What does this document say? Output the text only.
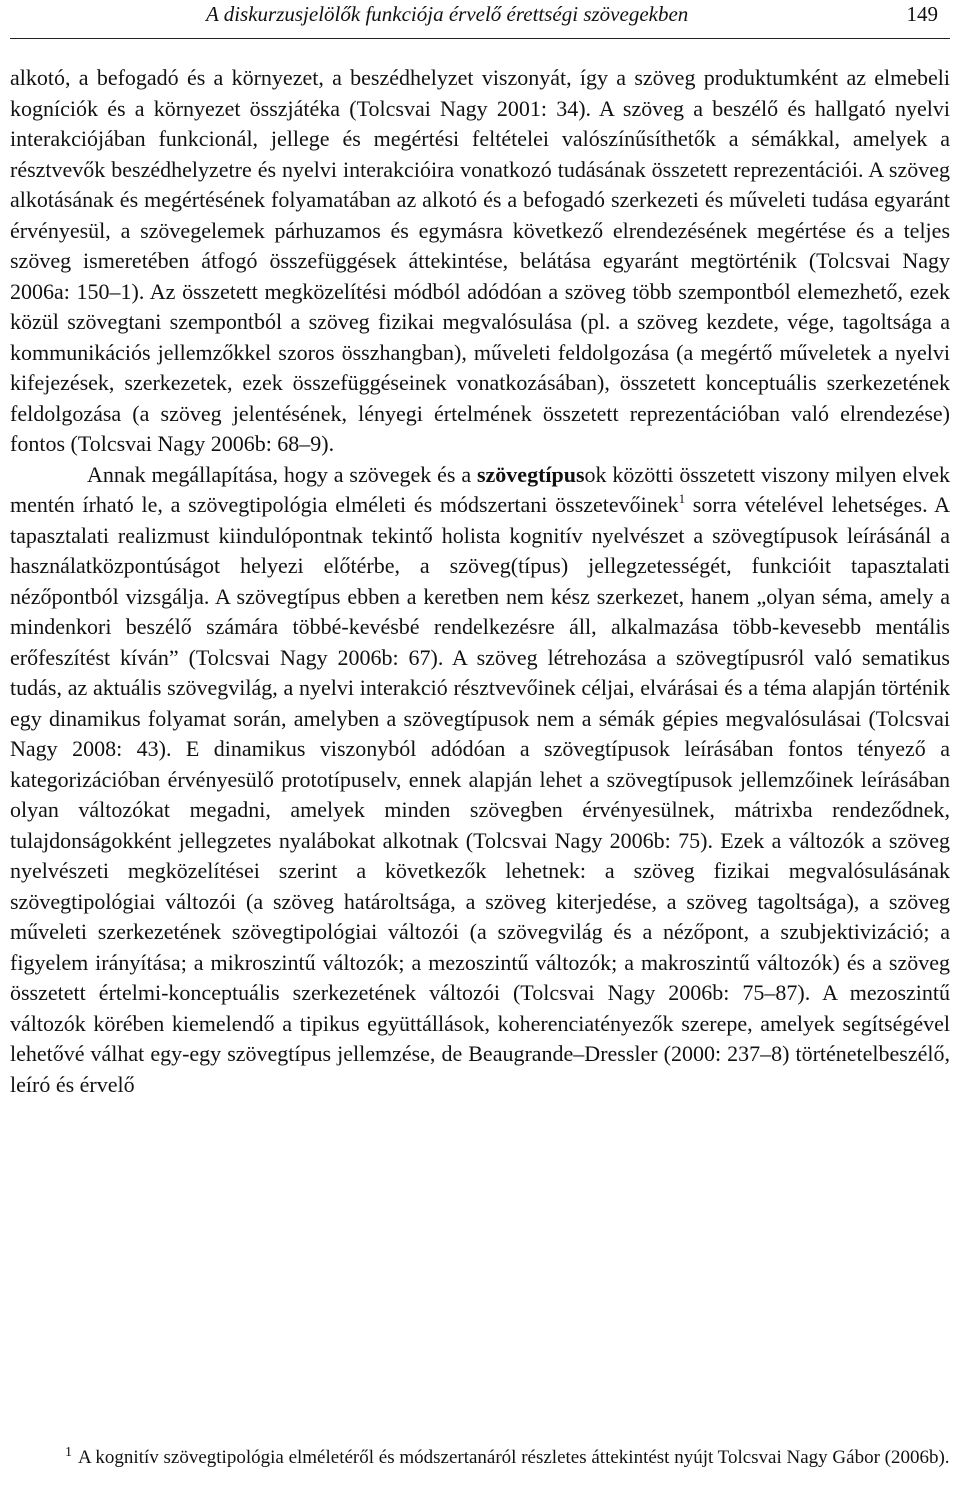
A diskurzusjelölők funkciója érvelő érettségi szövegekben	149

alkotó, a befogadó és a környezet, a beszédhelyzet viszonyát, így a szöveg produktumként az elmebeli kogníciók és a környezet összjátéka (Tolcsvai Nagy 2001: 34). A szöveg a beszélő és hallgató nyelvi interakciójában funkcionál, jellege és megértési feltételei valószínűsíthetők a sémákkal, amelyek a résztvevők beszédhelyzetre és nyelvi interakcióira vonatkozó tudásának összetett reprezentációi. A szöveg alkotásának és megértésének folyamatában az alkotó és a befogadó szerkezeti és műveleti tudása egyaránt érvényesül, a szövegelemek párhuzamos és egymásra következő elrendezésének megértése és a teljes szöveg ismeretében átfogó összefüggések áttekintése, belátása egyaránt megtörténik (Tolcsvai Nagy 2006a: 150–1). Az összetett megközelítési módból adódóan a szöveg több szempontból elemezhető, ezek közül szövegtani szempontból a szöveg fizikai megvalósulása (pl. a szöveg kezdete, vége, tagoltsága a kommunikációs jellemzőkkel szoros összhangban), műveleti feldolgozása (a megértő műveletek a nyelvi kifejezések, szerkezetek, ezek összefüggéseinek vonatkozásában), összetett konceptuális szerkezetének feldolgozása (a szöveg jelentésének, lényegi értelmének összetett reprezentációban való elrendezése) fontos (Tolcsvai Nagy 2006b: 68–9).

Annak megállapítása, hogy a szövegek és a szövegtípusok közötti összetett viszony milyen elvek mentén írható le, a szövegtipológia elméleti és módszertani összetevőinek$^1$ sorra vételével lehetséges. A tapasztalati realizmust kiindulópontnak tekintő holista kognitív nyelvészet a szövegtípusok leírásánál a használatközpontúságot helyezi előtérbe, a szöveg(típus) jellegzetességét, funkcióit tapasztalati nézőpontból vizsgálja. A szövegtípus ebben a keretben nem kész szerkezet, hanem „olyan séma, amely a mindenkori beszélő számára többé-kevésbé rendelkezésre áll, alkalmazása több-kevesebb mentális erőfeszítést kíván” (Tolcsvai Nagy 2006b: 67). A szöveg létrehozása a szövegtípusról való sematikus tudás, az aktuális szövegvilág, a nyelvi interakció résztvevőinek céljai, elvárásai és a téma alapján történik egy dinamikus folyamat során, amelyben a szövegtípusok nem a sémák gépies megvalósulásai (Tolcsvai Nagy 2008: 43). E dinamikus viszonyból adódóan a szövegtípusok leírásában fontos tényező a kategorizációban érvényesülő prototípuselv, ennek alapján lehet a szövegtípusok jellemzőinek leírásában olyan változókat megadni, amelyek minden szövegben érvényesülnek, mátrixba rendeződnek, tulajdonságokként jellegzetes nyalábokat alkotnak (Tolcsvai Nagy 2006b: 75). Ezek a változók a szöveg nyelvészeti megközelítései szerint a következők lehetnek: a szöveg fizikai megvalósulásának szövegtipológiai változói (a szöveg határoltsága, a szöveg kiterjedése, a szöveg tagoltsága), a szöveg műveleti szerkezetének szövegtipológiai változói (a szövegvilág és a nézőpont, a szubjektivizáció; a figyelem irányítása; a mikroszintű változók; a mezoszintű változók; a makroszintű változók) és a szöveg összetett értelmi-konceptuális szerkezetének változói (Tolcsvai Nagy 2006b: 75–87). A mezoszintű változók körében kiemelendő a tipikus együttállások, koherenciatényezők szerepe, amelyek segítségével lehetővé válhat egy-egy szövegtípus jellemzése, de Beaugrande–Dressler (2000: 237–8) történetelbeszélő, leíró és érvelő

$^1$ A kognitív szövegtipológia elméletéről és módszertanáról részletes áttekintést nyújt Tolcsvai Nagy Gábor (2006b).
